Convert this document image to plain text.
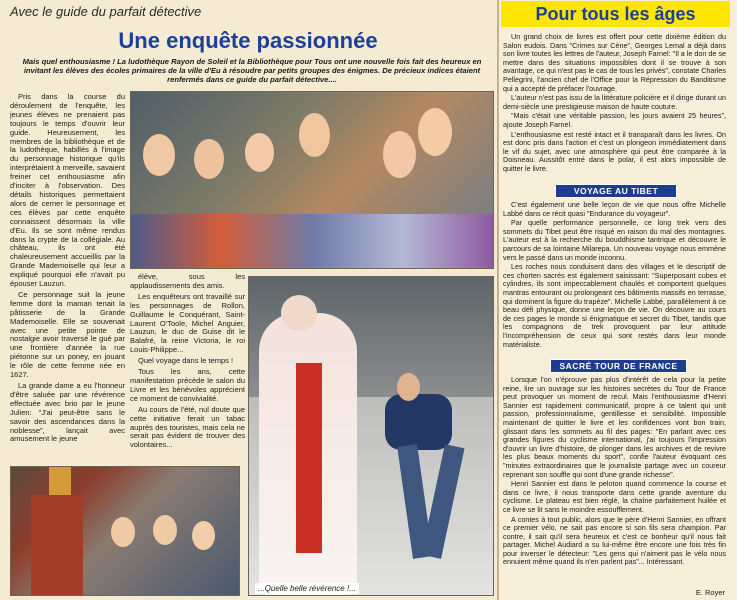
Avec le guide du parfait détective
Une enquête passionnée
Mais quel enthousiasme ! La ludothèque Rayon de Soleil et la Bibliothèque pour Tous ont une nouvelle fois fait des heureux en invitant les élèves des écoles primaires de la ville d'Eu à résoudre par petits groupes des énigmes. De précieux indices étaient renfermés dans ce guide du parfait détective....

Pris dans la course du déroulement de l'enquête, les jeunes élèves ne prenaient pas toujours le temps d'ouvrir leur guide. Heureusement, les membres de la bibliothèque et de la ludothèque, habillés à l'image du personnage historique qu'ils interprétaient à merveille, savaient freiner cet enthousiasme afin d'inciter à l'observation. Des détails historiques permettaient alors de cerner le personnage et ces élèves par cette enquête connaissent désormais la ville d'Eu. Ils se sont même rendus dans la crypte de la collégiale. Au château, ils ont été chaleureusement accueillis par la Grande Mademoiselle qui leur a expliqué pourquoi elle n'avait pu épouser Lauzun.

Ce personnage suit la jeune femme dont la maman tenait la pâtisserie de la Grande Mademoiselle. Elle se souvenait avec une petite pointe de nostalgie avoir traversé le gué par une frontière d'année la rue piétonne sur un poney, en jouant le rôle de cette femme née en 1627.

La grande dame a eu l'honneur d'être saluée par une révérence effectuée avec brio par le jeune Julien: "J'ai peut-être sans le savoir des ascendances dans la noblesse", lançait avec amusement le jeune

élève, sous les applaudissements des amis.

Les enquêteurs ont travaillé sur les personnages de Rollon, Guillaume le Conquérant, Saint-Laurent O'Toole, Michel Anguier, Lauzun, le duc de Guise dit le Balafré, la reine Victoria, le roi Louis-Philippe...

Quel voyage dans le temps !

Tous les ans, cette manifestation précède le salon du Livre et les bénévoles apprécient ce moment de convivialité.

Au cours de l'été, nul doute que cette initiative ferait un tabac auprès des touristes, mais cela ne serait pas évident de trouver des volontaires...

...Quelle belle révérence !...
Pour tous les âges

Un grand choix de livres est offert pour cette dixième édition du Salon eudois. Dans "Crimes sur Cène", Georges Lemal a déjà dans son livre toutes les lettres de l'auteur, Joseph Farnel: "Il a le don de se mettre dans des situations impossibles dont il se trouve à son avantage, ce qui n'est pas le cas de tous les privés", constate Charles Pellegrini, l'ancien chef de l'Office pour la Répression du Banditisme qui a accepté de préfacer l'ouvrage.

L'auteur n'est pas issu de la littérature policière et il dirige durant un demi-siècle une prestigieuse maison de haute couture.

"Mais c'était une véritable passion, les jours avaient 25 heures", ajoute Joseph Farnel.

L'enthousiasme est resté intact et il transparaît dans les livres. On est donc pris dans l'action et c'est un plongeon immédiatement dans le vif du sujet, avec une atmosphère qui peut être comparée à la Doisneau. Aussitôt entré dans le polar, il est alors impossible de quitter le livre.

VOYAGE AU TIBET

C'est également une belle leçon de vie que nous offre Michelle Labbé dans ce récit quasi "Endurance du voyageur".

Par quelle performance personnelle, ce long trek vers des sommets du Tibet peut être risqué en raison du mal des montagnes. L'auteur est à la recherche du bouddhisme tantrique et découvre le parcours de sa lointaine Milarepa. Un nouveau voyage nous emmène vers le passé dans un monde inconnu.

Les roches nous conduisent dans des villages et le descriptif de ces chorten sacrés est également saisissant: "Superposant cubes et cylindres, ils sont impeccablement chaulés et comportent quelques mantras entourant ou prolongeant ces bâtiments massifs en terrasse, qui dominent la figure du trapèze". Michelle Labbé, parallèlement à ce beau défi physique, donne une leçon de vie. On découvre au cours de ces pages le monde si énigmatique et secret du Tibet, tandis que les compagnons de trek provoquent par leur attitude l'incompréhension de ceux qui sont restés dans leur monde matérialiste.

SACRÉ TOUR DE FRANCE

Lorsque l'on n'éprouve pas plus d'intérêt de cela pour la petite reine, lire un ouvrage sur les histoires secrètes du Tour de France peut provoquer un moment de recul. Mais l'enthousiasme d'Henri Sannier est rapidement communicatif, propre à ce talent qui unit passion, professionnalisme, gentillesse et sensibilité. Impossible maintenant de quitter le livre et les confidences vont bon train, glissant dans les sommets au fil des pages: "En parlant avec ces grandes figures du cyclisme international, j'ai toujours l'impression d'ouvrir un livre d'histoire, de plonger dans les archives et de revivre les plus beaux moments du sport", confie l'auteur évoquant ces "minutes extraordinaires que le journaliste partage avec un coureur reprenant son souffle qui sont d'une grande richesse".

Henri Sannier est dans le peloton quand commence la course et dans ce livre, il nous transporte dans cette grande aventure du cyclisme. Le plateau est bien réglé, la chaîne parfaitement huilée et ce livre se lit sans le moindre essoufflement.

A contes à tout public, alors que le père d'Henri Sannier, en offrant ce premier vélo, ne sait pas encore si son fils sera champion. Par contre, il sait qu'il sera heureux et c'est ce bonheur qu'il nous fait partager. Michel Audiard a su lui-même être encore une fois très fin pour inverser le détecteur: "Les gens qui n'aiment pas le vélo nous ennuient même quand ils n'en parlent pas"... Intéressant.

E. Royer
